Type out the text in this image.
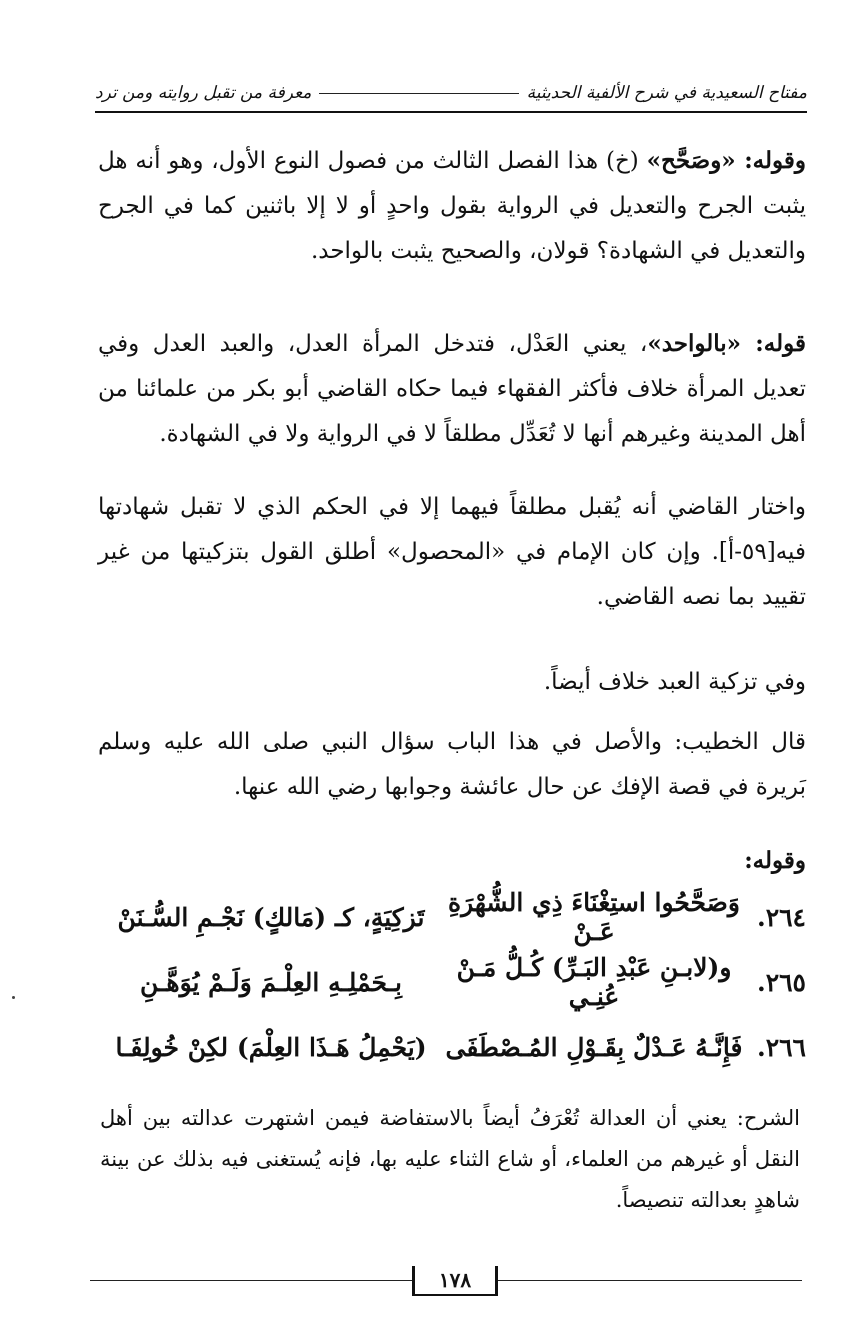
مفتاح السعيدية في شرح الألفية الحديثية
معرفة من تقبل روايته ومن ترد

وقوله: «وصَحَّح» (خ) هذا الفصل الثالث من فصول النوع الأول، وهو أنه هل يثبت الجرح والتعديل في الرواية بقول واحدٍ أو لا إلا باثنين كما في الجرح والتعديل في الشهادة؟ قولان، والصحيح يثبت بالواحد.

قوله: «بالواحد»، يعني العَدْل، فتدخل المرأة العدل، والعبد العدل وفي تعديل المرأة خلاف فأكثر الفقهاء فيما حكاه القاضي أبو بكر من علمائنا من أهل المدينة وغيرهم أنها لا تُعَدِّل مطلقاً لا في الرواية ولا في الشهادة.

واختار القاضي أنه يُقبل مطلقاً فيهما إلا في الحكم الذي لا تقبل شهادتها فيه[٥٩-أ]. وإن كان الإمام في «المحصول» أطلق القول بتزكيتها من غير تقييد بما نصه القاضي.

وفي تزكية العبد خلاف أيضاً.

قال الخطيب: والأصل في هذا الباب سؤال النبي صلى الله عليه وسلم بَريرة في قصة الإفك عن حال عائشة وجوابها رضي الله عنها.

وقوله:

٢٦٤.
وَصَحَّحُوا استِغْنَاءَ ذِي الشُّهْرَةِ عَـنْ
تَزكِيَةٍ، كـ (مَالكٍ) نَجْـمِ السُّـنَنْ
٢٦٥.
و(لابـنِ عَبْدِ البَـرِّ) كُـلُّ مَـنْ عُنِـي
بِـحَمْلِـهِ العِلْـمَ وَلَـمْ يُوَهَّـنِ
٢٦٦.
فَإِنَّـهُ عَـدْلٌ بِقَـوْلِ المُـصْطَفَى
(يَحْمِلُ هَـذَا العِلْمَ) لكِنْ خُولِفَـا

الشرح: يعني أن العدالة تُعْرَفُ أيضاً بالاستفاضة فيمن اشتهرت عدالته بين أهل النقل أو غيرهم من العلماء، أو شاع الثناء عليه بها، فإنه يُستغنى فيه بذلك عن بينة شاهدٍ بعدالته تنصيصاً.

١٧٨
